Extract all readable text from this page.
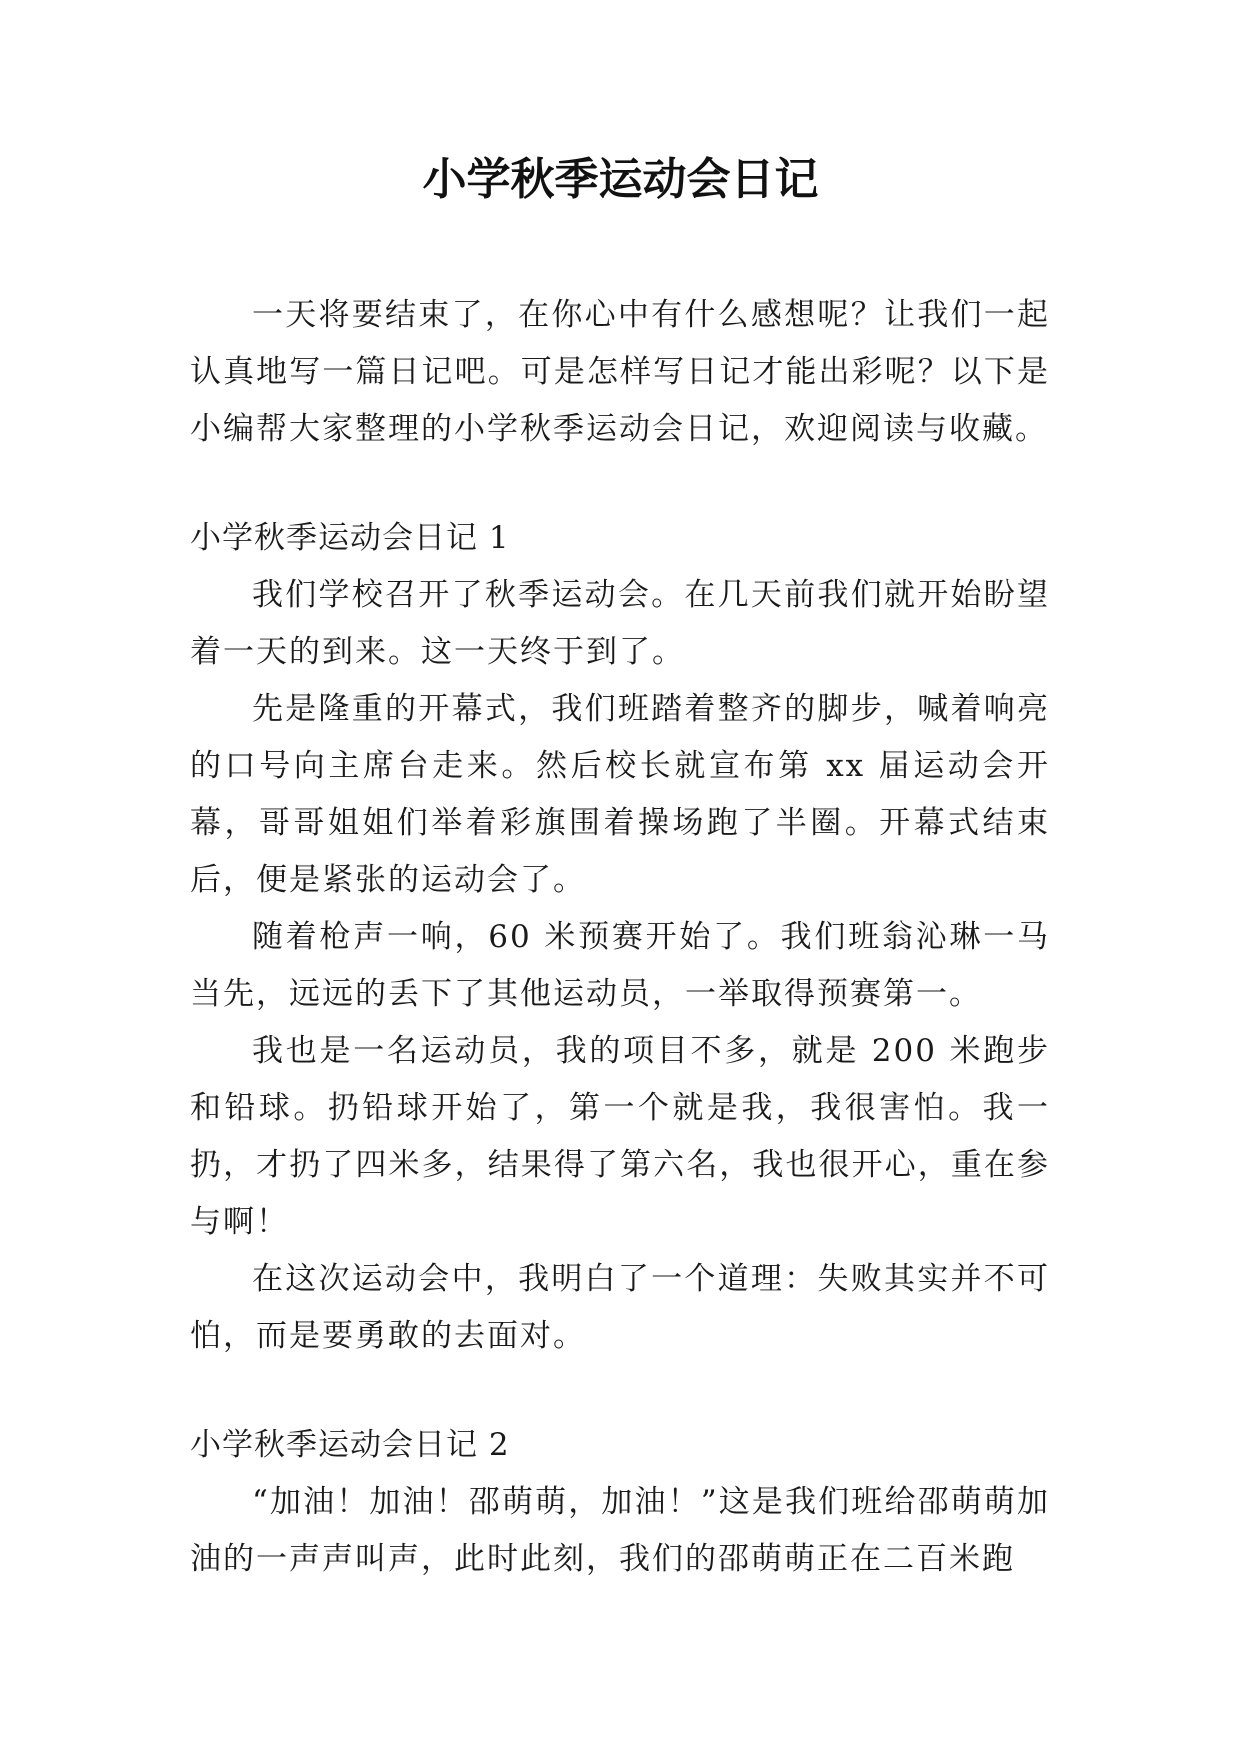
小学秋季运动会日记

一天将要结束了，在你心中有什么感想呢？让我们一起认真地写一篇日记吧。可是怎样写日记才能出彩呢？以下是小编帮大家整理的小学秋季运动会日记，欢迎阅读与收藏。

小学秋季运动会日记 1

我们学校召开了秋季运动会。在几天前我们就开始盼望着一天的到来。这一天终于到了。

先是隆重的开幕式，我们班踏着整齐的脚步，喊着响亮的口号向主席台走来。然后校长就宣布第 xx 届运动会开幕，哥哥姐姐们举着彩旗围着操场跑了半圈。开幕式结束后，便是紧张的运动会了。

随着枪声一响，60 米预赛开始了。我们班翁沁琳一马当先，远远的丢下了其他运动员，一举取得预赛第一。

我也是一名运动员，我的项目不多，就是 200 米跑步和铅球。扔铅球开始了，第一个就是我，我很害怕。我一扔，才扔了四米多，结果得了第六名，我也很开心，重在参与啊！

在这次运动会中，我明白了一个道理：失败其实并不可怕，而是要勇敢的去面对。

小学秋季运动会日记 2

“加油！加油！邵萌萌，加油！”这是我们班给邵萌萌加油的一声声叫声，此时此刻，我们的邵萌萌正在二百米跑
